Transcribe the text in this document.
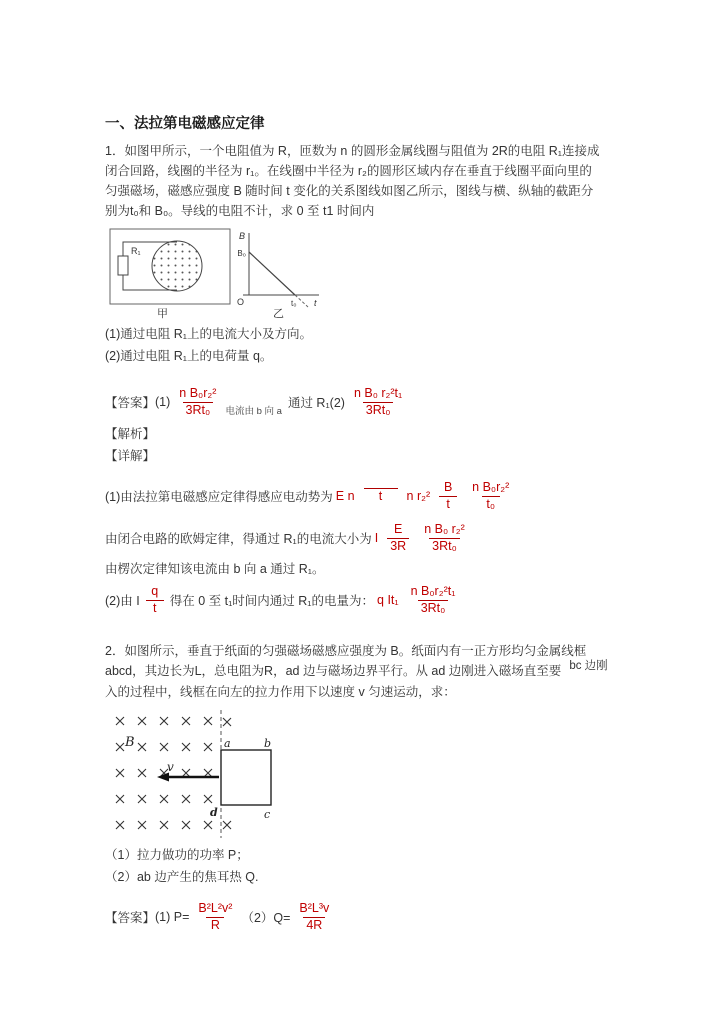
一、法拉第电磁感应定律
1．如图甲所示，一个电阻值为 R，匝数为 n 的圆形金属线圈与阻值为 2R的电阻 R₁连接成
闭合回路，线圈的半径为 r₁。在线圈中半径为 r₂的圆形区域内存在垂直于线圈平面向里的
匀强磁场，磁感应强度 B 随时间 t 变化的关系图线如图乙所示，图线与横、纵轴的截距分
别为t₀和 B₀。导线的电阻不计，求 0 至 t1 时间内
R₁
甲
B
B₀
O	t₀ t
乙
(1)通过电阻 R₁上的电流大小及方向。
(2)通过电阻 R₁上的电荷量 q。
【答案】 $(1) \frac{\text{n B₀r₂²}}{\text{3Rt₀}}$ 电流由 b 向 a
通过 $R_1(2) \frac{\text{n B₀ r₂²t₁}}{\text{3Rt₀}}$
【解析】
【详解】
(1)由法拉第电磁感应定律得感应电动势为 E n	t	n $r_2^2 \frac{B}{t} \frac{\text{n B₀r₂²}}{\text{t₀}}$
由闭合电路的欧姆定律，得通过 R₁的电流大小为 I $\frac{E}{3R} \frac{\text{n B₀ r₂²}}{\text{3Rt₀}}$
由楞次定律知该电流由 b 向 a 通过 R₁。
(2)由 I $\frac{q}{t}$ 得在 0 至 t₁时间内通过 R₁的电量为： q $It_1 \frac{\text{n B₀r₂²t₁}}{\text{3Rt₀}}$
2．如图所示，垂直于纸面的匀强磁场磁感应强度为 B。纸面内有一正方形均匀金属线框
abcd，其边长为L，总电阻为R，ad 边与磁场边界平行。从 ad 边刚进入磁场直至要 bc 边刚
入的过程中，线框在向左的拉力作用下以速度 v 匀速运动，求：
B
v
a	b
c
d
（1）拉力做功的功率 P；
（2）ab 边产生的焦耳热 Q.
【答案】 (1) $P= \frac{\text{B²L²v²}}{R} (2)Q= \frac{\text{B²L³v}}{4R}$
